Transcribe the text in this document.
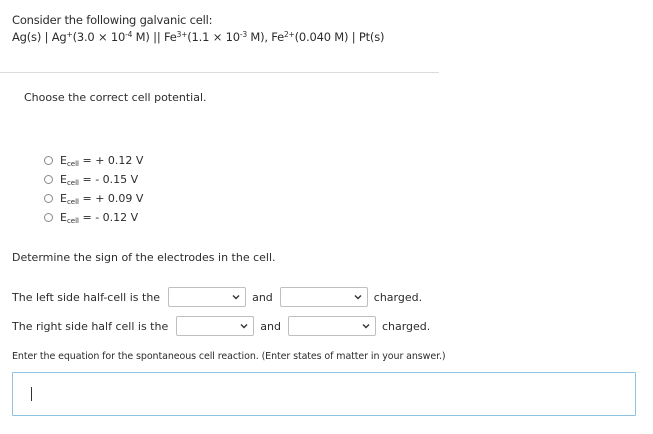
Consider the following galvanic cell:
Ag(s) | $Ag^+(3.0 \times 10^{-4}$ M) || $Fe^{3+}(1.1 \times 10^{-3}$ M), $Fe^{2+}(0.040$ M) | Pt(s)
Choose the correct cell potential.
$E_{cell}$ = + 0.12 V
$E_{cell}$ = - 0.15 V
$E_{cell}$ = + 0.09 V
$E_{cell}$ = - 0.12 V
Determine the sign of the electrodes in the cell.
The left side half-cell is the	and	charged.
The right side half cell is the	and	charged.
Enter the equation for the spontaneous cell reaction. (Enter states of matter in your answer.)
